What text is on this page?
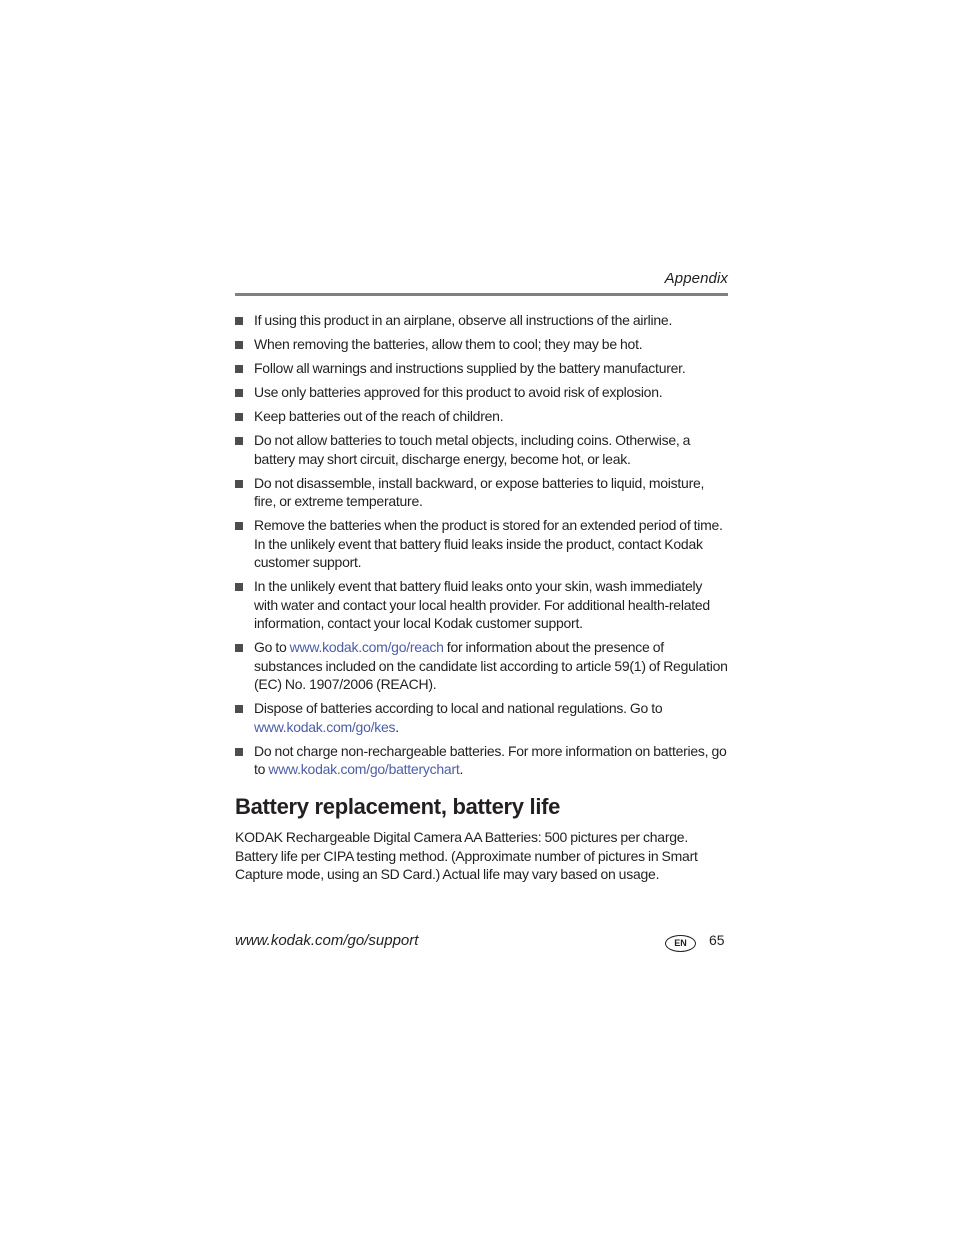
Appendix
If using this product in an airplane, observe all instructions of the airline.
When removing the batteries, allow them to cool; they may be hot.
Follow all warnings and instructions supplied by the battery manufacturer.
Use only batteries approved for this product to avoid risk of explosion.
Keep batteries out of the reach of children.
Do not allow batteries to touch metal objects, including coins. Otherwise, a battery may short circuit, discharge energy, become hot, or leak.
Do not disassemble, install backward, or expose batteries to liquid, moisture, fire, or extreme temperature.
Remove the batteries when the product is stored for an extended period of time. In the unlikely event that battery fluid leaks inside the product, contact Kodak customer support.
In the unlikely event that battery fluid leaks onto your skin, wash immediately with water and contact your local health provider. For additional health-related information, contact your local Kodak customer support.
Go to www.kodak.com/go/reach for information about the presence of substances included on the candidate list according to article 59(1) of Regulation (EC) No. 1907/2006 (REACH).
Dispose of batteries according to local and national regulations. Go to www.kodak.com/go/kes.
Do not charge non-rechargeable batteries. For more information on batteries, go to www.kodak.com/go/batterychart.
Battery replacement, battery life

KODAK Rechargeable Digital Camera AA Batteries: 500 pictures per charge. Battery life per CIPA testing method. (Approximate number of pictures in Smart Capture mode, using an SD Card.) Actual life may vary based on usage.

www.kodak.com/go/support	EN	65
